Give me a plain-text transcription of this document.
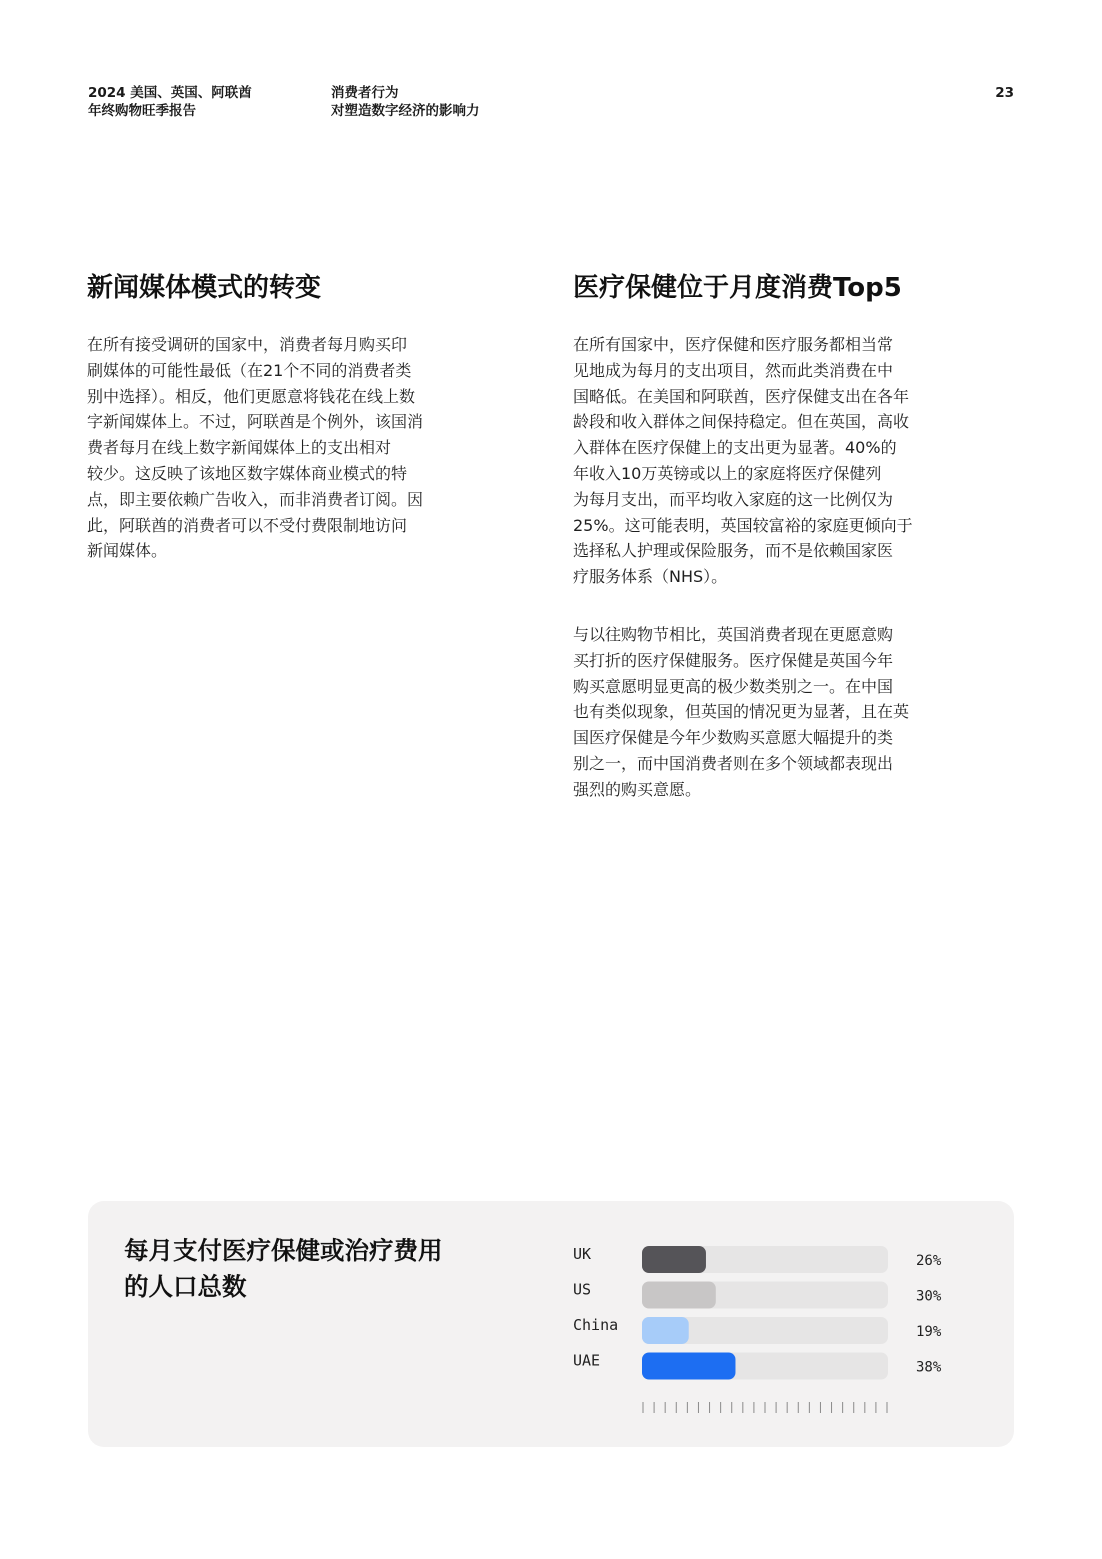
2024 美国、英国、阿联酋
年终购物旺季报告
消费者行为
对塑造数字经济的影响力
23
新闻媒体模式的转变

在所有接受调研的国家中，消费者每月购买印
刷媒体的可能性最低（在21个不同的消费者类
别中选择）。相反，他们更愿意将钱花在线上数
字新闻媒体上。不过，阿联酋是个例外，该国消
费者每月在线上数字新闻媒体上的支出相对
较少。这反映了该地区数字媒体商业模式的特
点，即主要依赖广告收入，而非消费者订阅。因
此，阿联酋的消费者可以不受付费限制地访问
新闻媒体。

医疗保健位于月度消费Top5

在所有国家中，医疗保健和医疗服务都相当常
见地成为每月的支出项目，然而此类消费在中
国略低。在美国和阿联酋，医疗保健支出在各年
龄段和收入群体之间保持稳定。但在英国，高收
入群体在医疗保健上的支出更为显著。40%的
年收入10万英镑或以上的家庭将医疗保健列
为每月支出，而平均收入家庭的这一比例仅为
25%。这可能表明，英国较富裕的家庭更倾向于
选择私人护理或保险服务，而不是依赖国家医
疗服务体系（NHS）。

与以往购物节相比，英国消费者现在更愿意购
买打折的医疗保健服务。医疗保健是英国今年
购买意愿明显更高的极少数类别之一。在中国
也有类似现象，但英国的情况更为显著，且在英
国医疗保健是今年少数购买意愿大幅提升的类
别之一，而中国消费者则在多个领域都表现出
强烈的购买意愿。

每月支付医疗保健或治疗费用
的人口总数
UK	26%
US	30%
China	19%
UAE	38%
